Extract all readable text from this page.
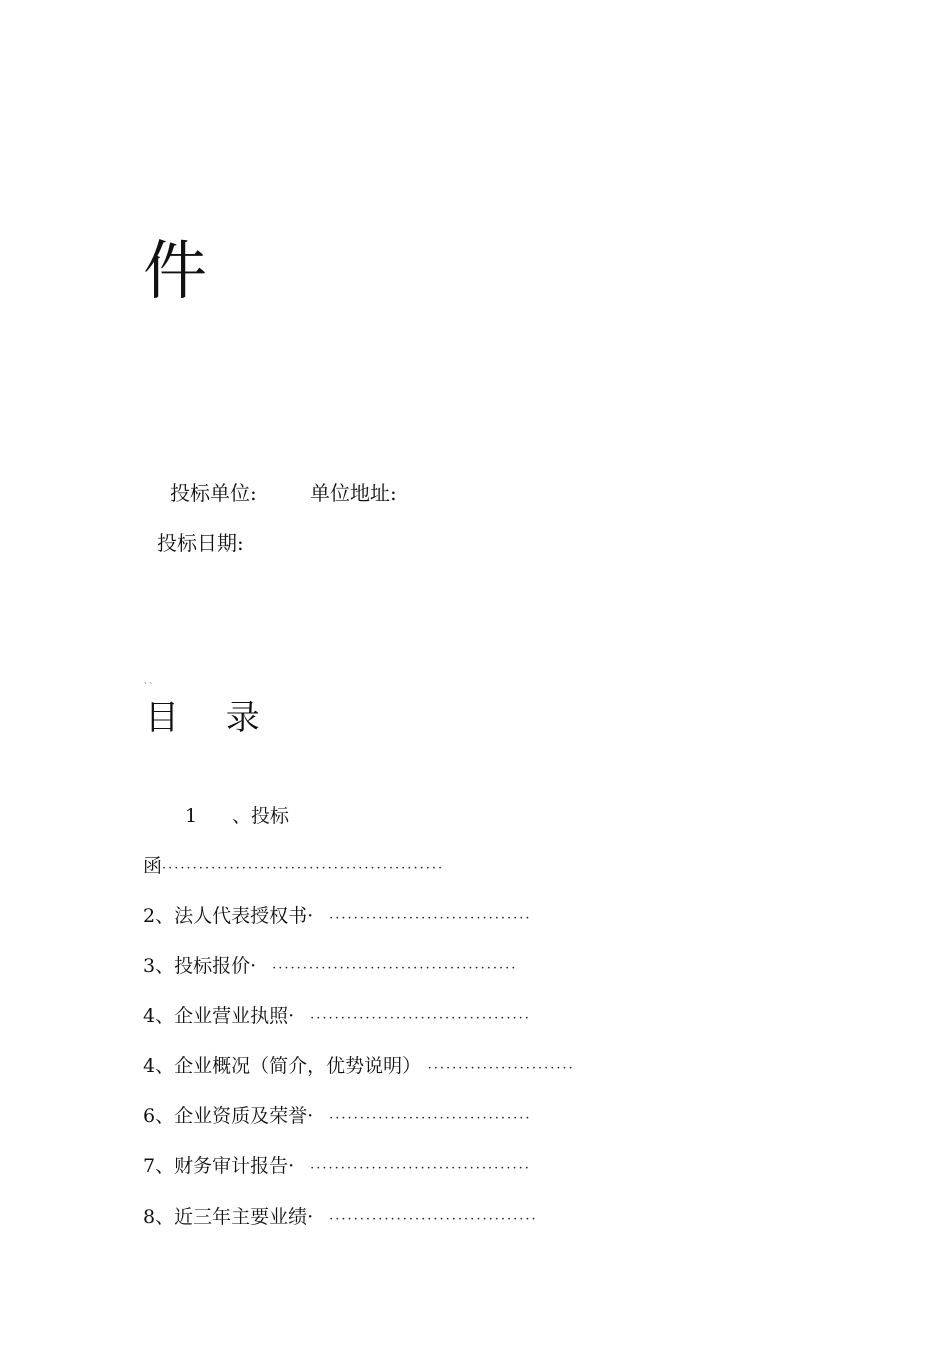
件
投标单位:	单位地址:
投标日期:
、、
目 录
1 、投标
函··············································
2、法人代表授权书· ·································
3、投标报价· ········································
4、企业营业执照· ····································
4、企业概况（简介，优势说明） ························
6、企业资质及荣誉· ·································
7、财务审计报告· ····································
8、近三年主要业绩· ··································
